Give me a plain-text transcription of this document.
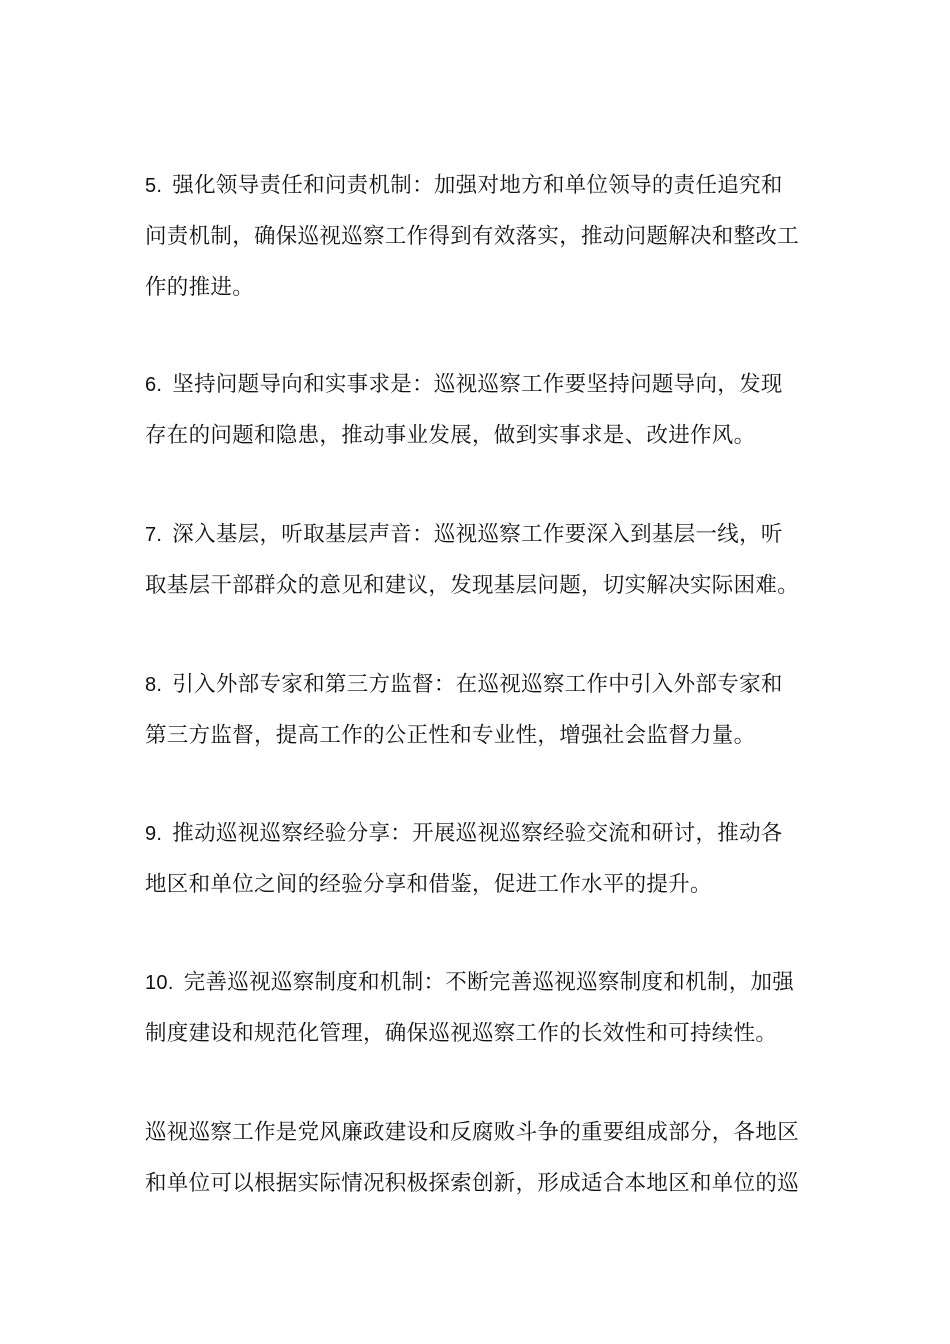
5. 强化领导责任和问责机制：加强对地方和单位领导的责任追究和
问责机制，确保巡视巡察工作得到有效落实，推动问题解决和整改工
作的推进。
6. 坚持问题导向和实事求是：巡视巡察工作要坚持问题导向，发现
存在的问题和隐患，推动事业发展，做到实事求是、改进作风。
7. 深入基层，听取基层声音：巡视巡察工作要深入到基层一线，听
取基层干部群众的意见和建议，发现基层问题，切实解决实际困难。
8. 引入外部专家和第三方监督：在巡视巡察工作中引入外部专家和
第三方监督，提高工作的公正性和专业性，增强社会监督力量。
9. 推动巡视巡察经验分享：开展巡视巡察经验交流和研讨，推动各
地区和单位之间的经验分享和借鉴，促进工作水平的提升。
10. 完善巡视巡察制度和机制：不断完善巡视巡察制度和机制，加强
制度建设和规范化管理，确保巡视巡察工作的长效性和可持续性。
巡视巡察工作是党风廉政建设和反腐败斗争的重要组成部分，各地区
和单位可以根据实际情况积极探索创新，形成适合本地区和单位的巡
